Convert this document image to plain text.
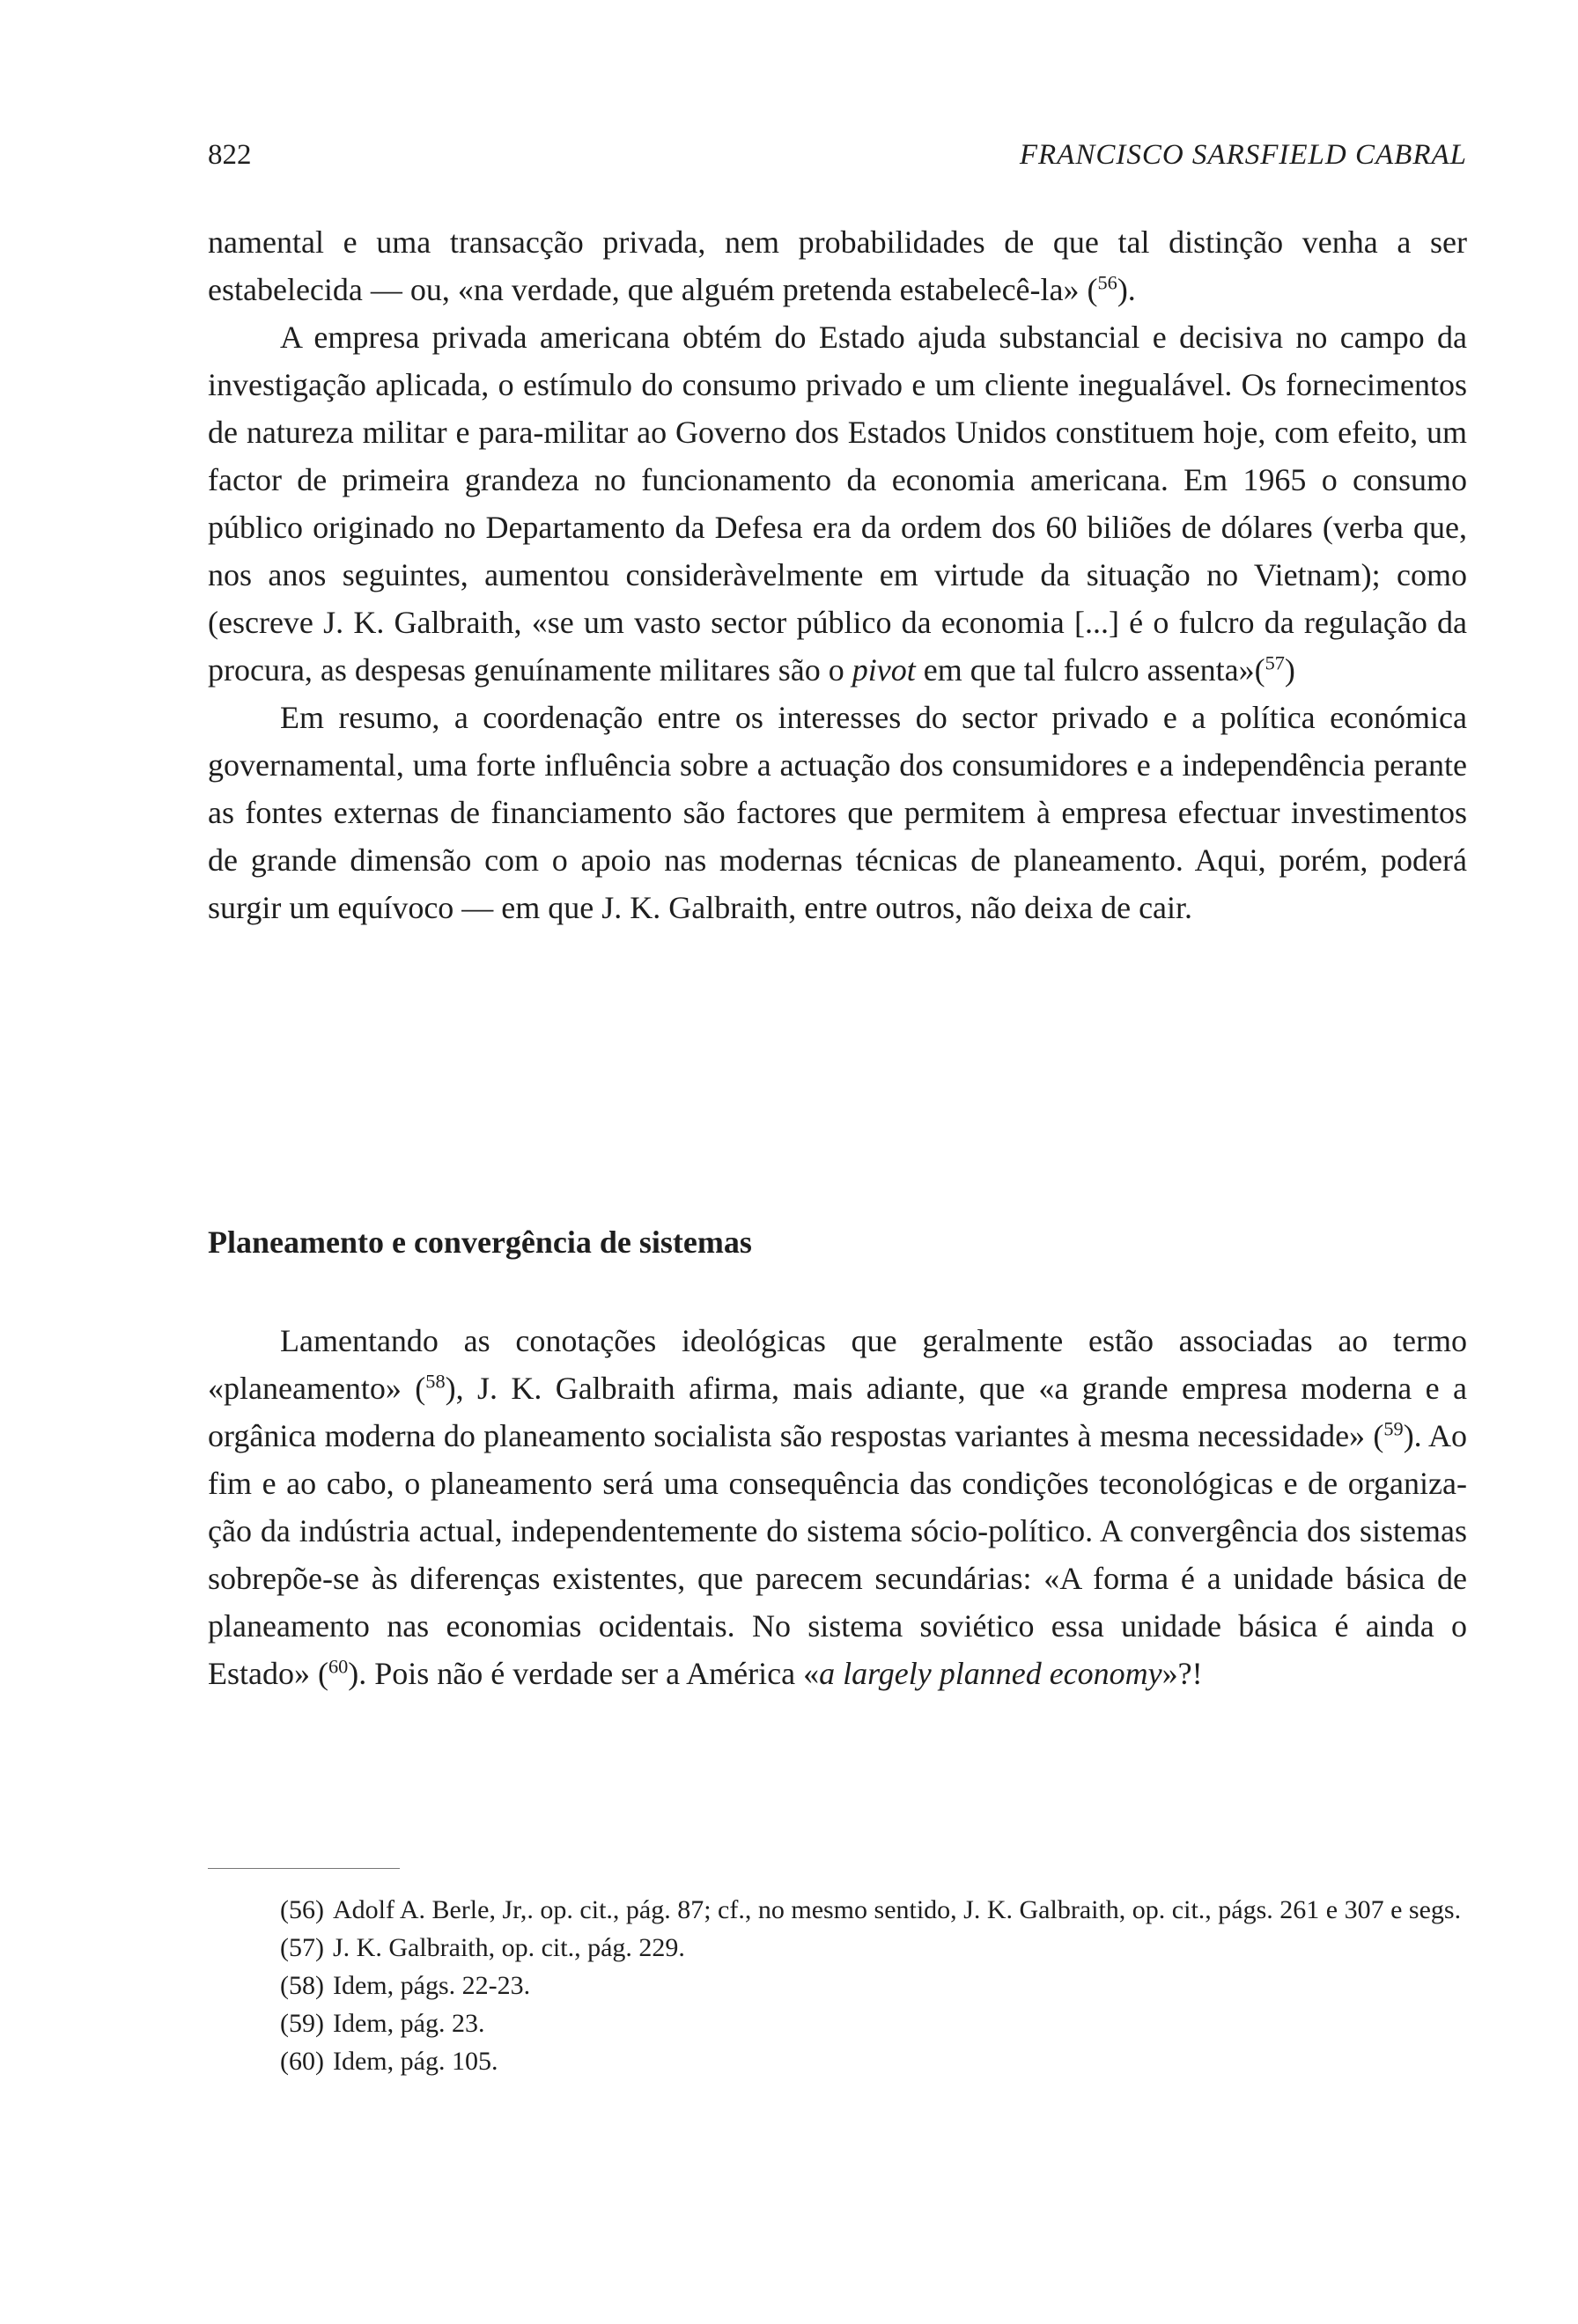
822	FRANCISCO SARSFIELD CABRAL

namental e uma transacção privada, nem probabilidades de que tal distinção venha a ser estabelecida — ou, «na verdade, que alguém pretenda estabelecê-la» ($^{56}$).

A empresa privada americana obtém do Estado ajuda substancial e decisiva no campo da investigação aplicada, o estímulo do consumo privado e um cliente inegualável. Os fornecimentos de natureza militar e para-militar ao Governo dos Estados Unidos constituem hoje, com efeito, um factor de primeira grandeza no funcionamento da economia americana. Em 1965 o consumo público originado no Departamento da Defesa era da ordem dos 60 biliões de dólares (verba que, nos anos seguintes, aumentou consideràvelmente em virtude da situação no Vietnam); como (escreve J. K. Galbraith, «se um vasto sector público da economia [...] é o fulcro da regulação da procura, as despesas genuínamente militares são o pivot em que tal fulcro assenta»($^{57}$)

Em resumo, a coordenação entre os interesses do sector privado e a política económica governamental, uma forte influência sobre a actuação dos consumidores e a independência perante as fontes externas de financiamento são factores que permitem à empresa efectuar investimentos de grande dimensão com o apoio nas modernas técnicas de planeamento. Aqui, porém, poderá surgir um equívoco — em que J. K. Galbraith, entre outros, não deixa de cair.

Planeamento e convergência de sistemas

Lamentando as conotações ideológicas que geralmente estão associadas ao termo «planeamento» ($^{58}$), J. K. Galbraith afirma, mais adiante, que «a grande empresa moderna e a orgânica moderna do planeamento socialista são respostas variantes à mesma necessidade» ($^{59}$). Ao fim e ao cabo, o planeamento será uma consequência das condições teconológicas e de organização da indústria actual, independentemente do sistema sócio-político. A convergência dos sistemas sobrepõe-se às diferenças existentes, que parecem secundárias: «A forma é a unidade básica de planeamento nas economias ocidentais. No sistema soviético essa unidade básica é ainda o Estado» ($^{60}$). Pois não é verdade ser a América «a largely planned economy»?!

(56) Adolf A. Berle, Jr,. op. cit., pág. 87; cf., no mesmo sentido, J. K. Galbraith, op. cit., págs. 261 e 307 e segs.

(57) J. K. Galbraith, op. cit., pág. 229.

(58) Idem, págs. 22-23.

(59) Idem, pág. 23.

(60) Idem, pág. 105.
